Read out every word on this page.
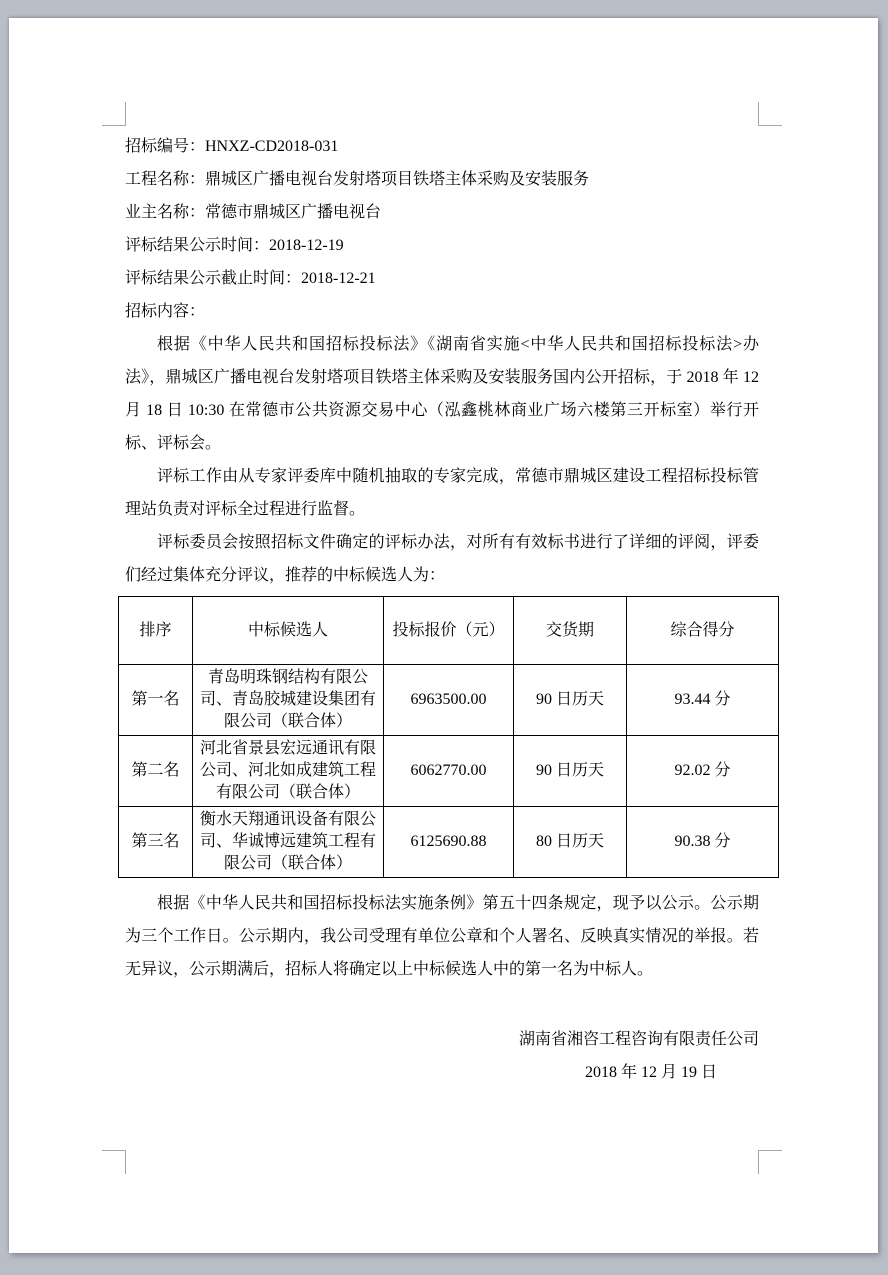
招标编号：HNXZ-CD2018-031
工程名称：鼎城区广播电视台发射塔项目铁塔主体采购及安装服务
业主名称：常德市鼎城区广播电视台
评标结果公示时间：2018-12-19
评标结果公示截止时间：2018-12-21
招标内容：
根据《中华人民共和国招标投标法》《湖南省实施<中华人民共和国招标投标法>办法》，鼎城区广播电视台发射塔项目铁塔主体采购及安装服务国内公开招标，于 2018 年 12 月 18 日 10:30 在常德市公共资源交易中心（泓鑫桃林商业广场六楼第三开标室）举行开标、评标会。
评标工作由从专家评委库中随机抽取的专家完成，常德市鼎城区建设工程招标投标管理站负责对评标全过程进行监督。
评标委员会按照招标文件确定的评标办法，对所有有效标书进行了详细的评阅，评委们经过集体充分评议，推荐的中标候选人为：
排序	中标候选人	投标报价（元）	交货期	综合得分
第一名	青岛明珠钢结构有限公司、青岛胶城建设集团有限公司（联合体）	6963500.00	90 日历天	93.44 分
第二名	河北省景县宏远通讯有限公司、河北如成建筑工程有限公司（联合体）	6062770.00	90 日历天	92.02 分
第三名	衡水天翔通讯设备有限公司、华诚博远建筑工程有限公司（联合体）	6125690.88	80 日历天	90.38 分
根据《中华人民共和国招标投标法实施条例》第五十四条规定，现予以公示。公示期为三个工作日。公示期内，我公司受理有单位公章和个人署名、反映真实情况的举报。若无异议，公示期满后，招标人将确定以上中标候选人中的第一名为中标人。
湖南省湘咨工程咨询有限责任公司
2018 年 12 月 19 日
